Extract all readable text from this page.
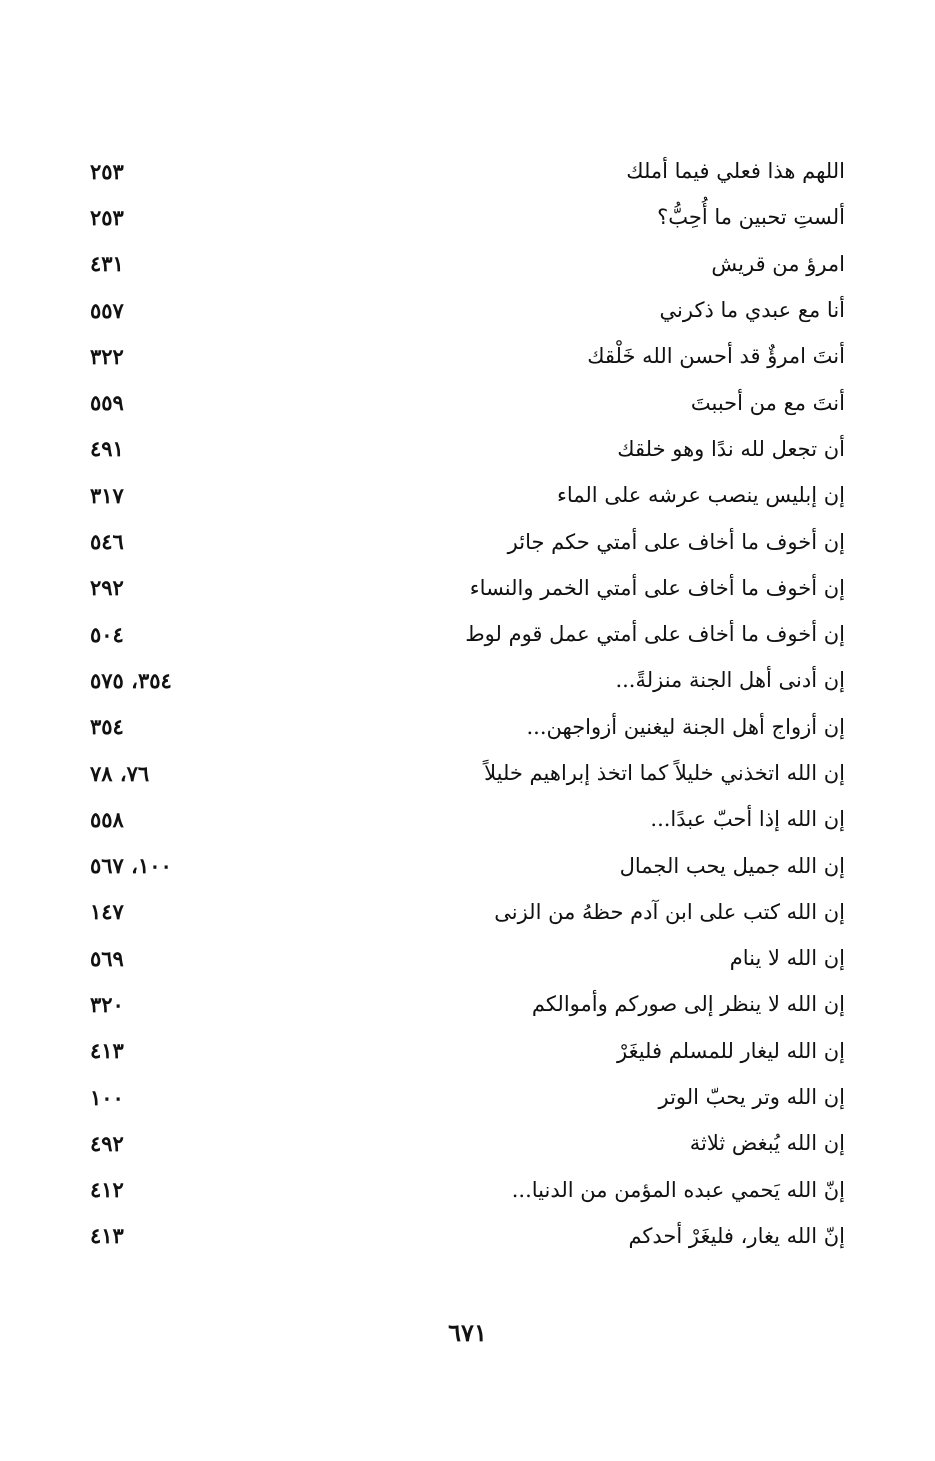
اللهم هذا فعلي فيما أملك
٢٥٣
ألستِ تحبين ما أُحِبُّ؟
٢٥٣
امرؤ من قريش
٤٣١
أنا مع عبدي ما ذكرني
٥٥٧
أنتَ امرؤٌ قد أحسن الله خَلْقك
٣٢٢
أنتَ مع من أحببتَ
٥٥٩
أن تجعل لله ندًا وهو خلقك
٤٩١
إن إبليس ينصب عرشه على الماء
٣١٧
إن أخوف ما أخاف على أمتي حكم جائر
٥٤٦
إن أخوف ما أخاف على أمتي الخمر والنساء
٢٩٢
إن أخوف ما أخاف على أمتي عمل قوم لوط
٥٠٤
إن أدنى أهل الجنة منزلةً...
٣٥٤، ٥٧٥
إن أزواج أهل الجنة ليغنين أزواجهن...
٣٥٤
إن الله اتخذني خليلاً كما اتخذ إبراهيم خليلاً
٧٦، ٧٨
إن الله إذا أحبّ عبدًا...
٥٥٨
إن الله جميل يحب الجمال
١٠٠، ٥٦٧
إن الله كتب على ابن آدم حظهُ من الزنى
١٤٧
إن الله لا ينام
٥٦٩
إن الله لا ينظر إلى صوركم وأموالكم
٣٢٠
إن الله ليغار للمسلم فليغَرْ
٤١٣
إن الله وتر يحبّ الوتر
١٠٠
إن الله يُبغض ثلاثة
٤٩٢
إنّ الله يَحمي عبده المؤمن من الدنيا...
٤١٢
إنّ الله يغار، فليغَرْ أحدكم
٤١٣
٦٧١
